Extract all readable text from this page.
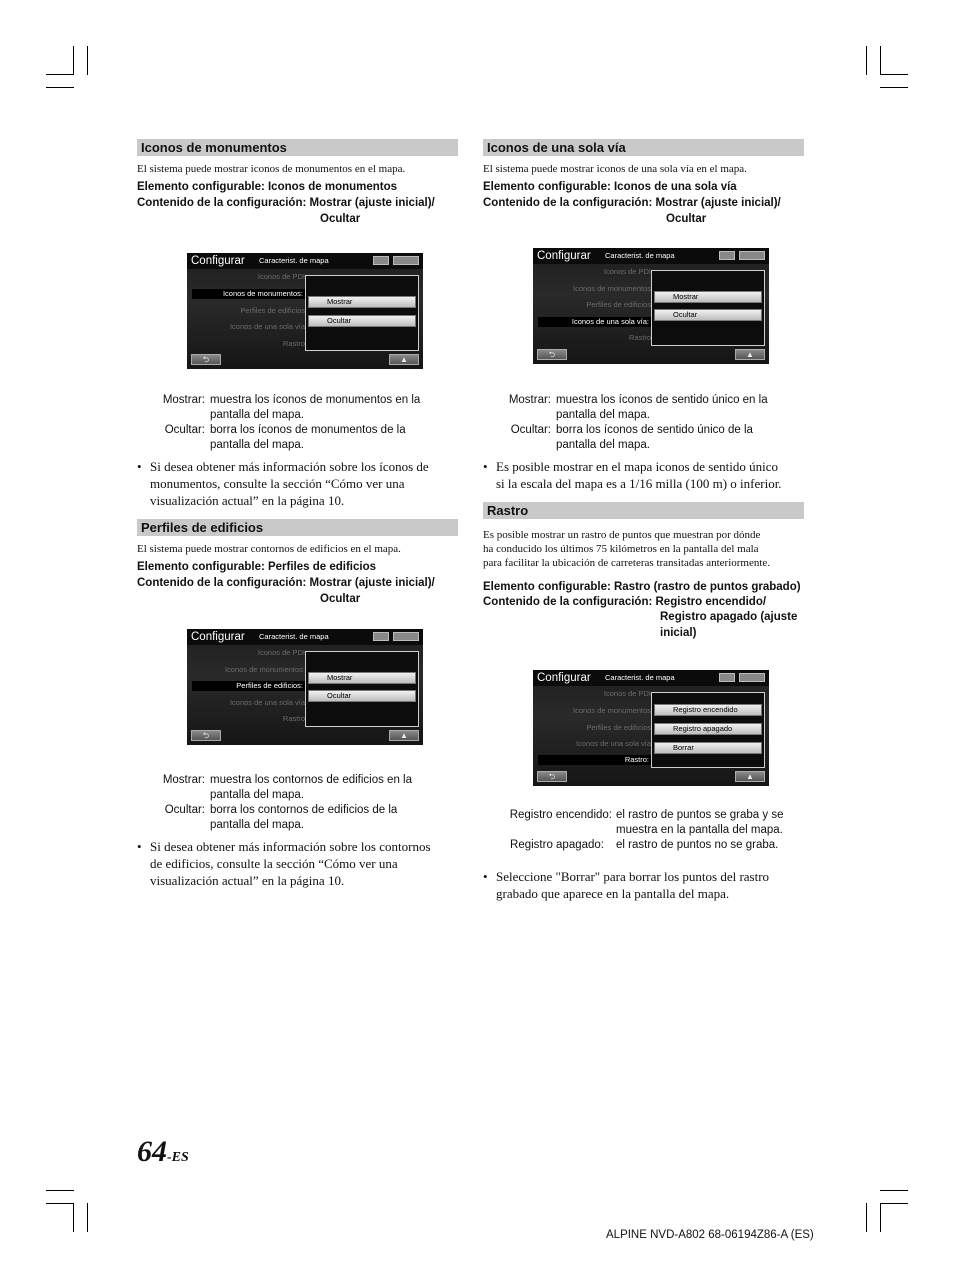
Iconos de monumentos
El sistema puede mostrar iconos de monumentos en el mapa.
Elemento configurable: Iconos de monumentos
Contenido de la configuración: Mostrar (ajuste inicial)/
Ocultar
Configurar Caracterist. de mapa
Iconos de PDI
Iconos de monumentos:
Perfiles de edificios
Iconos de una sola vía
Rastro
Mostrar
Ocultar
⮌	▲
Mostrar: muestra los íconos de monumentos en la
pantalla del mapa.
Ocultar: borra los íconos de monumentos de la
pantalla del mapa.
• Si desea obtener más información sobre los íconos de
monumentos, consulte la sección “Cómo ver una
visualización actual” en la página 10.
Perfiles de edificios
El sistema puede mostrar contornos de edificios en el mapa.
Elemento configurable: Perfiles de edificios
Contenido de la configuración: Mostrar (ajuste inicial)/
Ocultar
Configurar Caracterist. de mapa
Iconos de PDI
Iconos de monumentos:
Perfiles de edificios:
Iconos de una sola vía
Rastro
Mostrar
Ocultar
⮌	▲
Mostrar: muestra los contornos de edificios en la
pantalla del mapa.
Ocultar: borra los contornos de edificios de la
pantalla del mapa.
• Si desea obtener más información sobre los contornos
de edificios, consulte la sección “Cómo ver una
visualización actual” en la página 10.
Iconos de una sola vía
El sistema puede mostrar iconos de una sola vía en el mapa.
Elemento configurable: Iconos de una sola vía
Contenido de la configuración: Mostrar (ajuste inicial)/
Ocultar
Configurar Caracterist. de mapa
Iconos de PDI
Iconos de monumentos
Perfiles de edificios
Iconos de una sola vía:
Rastro
Mostrar
Ocultar
⮌	▲
Mostrar: muestra los íconos de sentido único en la
pantalla del mapa.
Ocultar: borra los íconos de sentido único de la
pantalla del mapa.
• Es posible mostrar en el mapa iconos de sentido único
si la escala del mapa es a 1/16 milla (100 m) o inferior.
Rastro
Es posible mostrar un rastro de puntos que muestran por dónde
ha conducido los últimos 75 kilómetros en la pantalla del mala
para facilitar la ubicación de carreteras transitadas anteriormente.
Elemento configurable: Rastro (rastro de puntos grabado)
Contenido de la configuración: Registro encendido/
Registro apagado (ajuste
inicial)
Configurar Caracterist. de mapa
Iconos de PDI
Iconos de monumentos
Perfiles de edificios
Iconos de una sola vía
Rastro:
Registro encendido
Registro apagado
Borrar
⮌	▲
Registro encendido: el rastro de puntos se graba y se
muestra en la pantalla del mapa.
Registro apagado: el rastro de puntos no se graba.
• Seleccione "Borrar" para borrar los puntos del rastro
grabado que aparece en la pantalla del mapa.
64-ES
ALPINE NVD-A802 68-06194Z86-A (ES)
